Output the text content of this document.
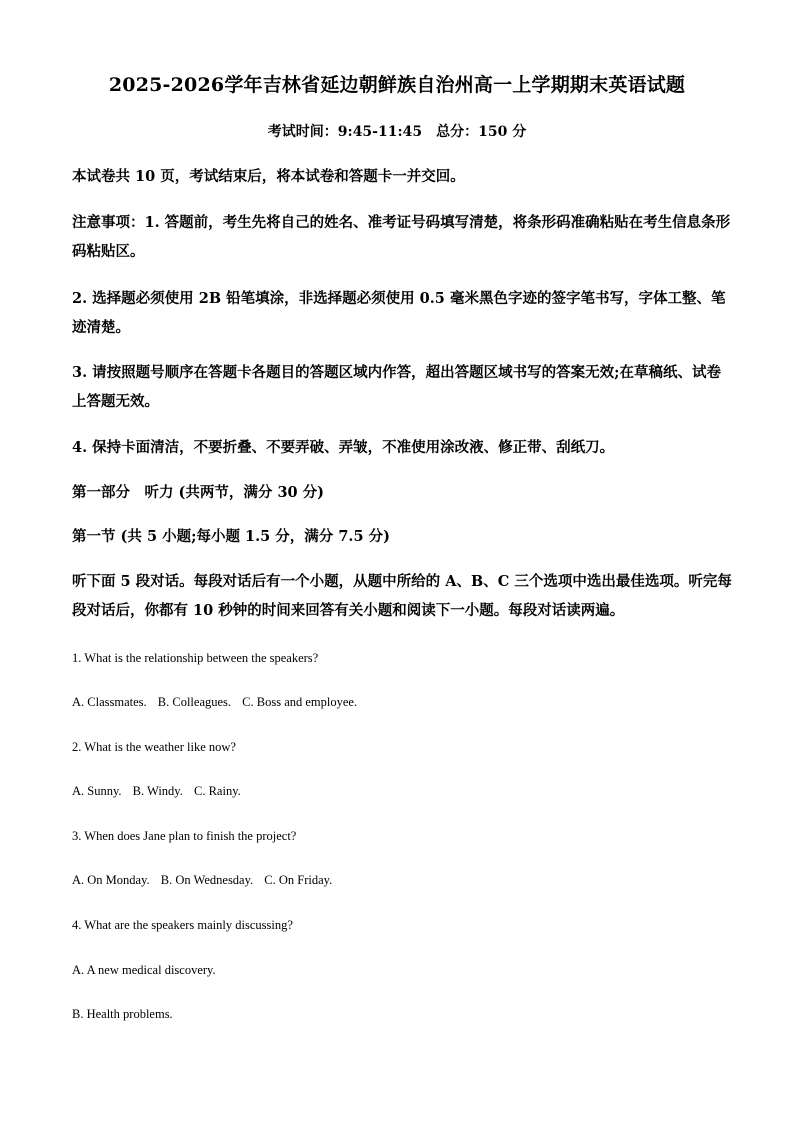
2025-2026学年吉林省延边朝鲜族自治州高一上学期期末英语试题
考试时间：9:45-11:45　总分：150 分
本试卷共 10 页，考试结束后，将本试卷和答题卡一并交回。
注意事项：1. 答题前，考生先将自己的姓名、准考证号码填写清楚，将条形码准确粘贴在考生信息条形码粘贴区。
2. 选择题必须使用 2B 铅笔填涂，非选择题必须使用 0.5 毫米黑色字迹的签字笔书写，字体工整、笔迹清楚。
3. 请按照题号顺序在答题卡各题目的答题区域内作答，超出答题区域书写的答案无效;在草稿纸、试卷上答题无效。
4. 保持卡面清洁，不要折叠、不要弄破、弄皱，不准使用涂改液、修正带、刮纸刀。
第一部分　听力 (共两节，满分 30 分)
第一节 (共 5 小题;每小题 1.5 分，满分 7.5 分)
听下面 5 段对话。每段对话后有一个小题，从题中所给的 A、B、C 三个选项中选出最佳选项。听完每段对话后，你都有 10 秒钟的时间来回答有关小题和阅读下一小题。每段对话读两遍。
1. What is the relationship between the speakers?
A. Classmates. B. Colleagues. C. Boss and employee.
2. What is the weather like now?
A. Sunny. B. Windy. C. Rainy.
3. When does Jane plan to finish the project?
A. On Monday. B. On Wednesday. C. On Friday.
4. What are the speakers mainly discussing?
A. A new medical discovery.
B. Health problems.
